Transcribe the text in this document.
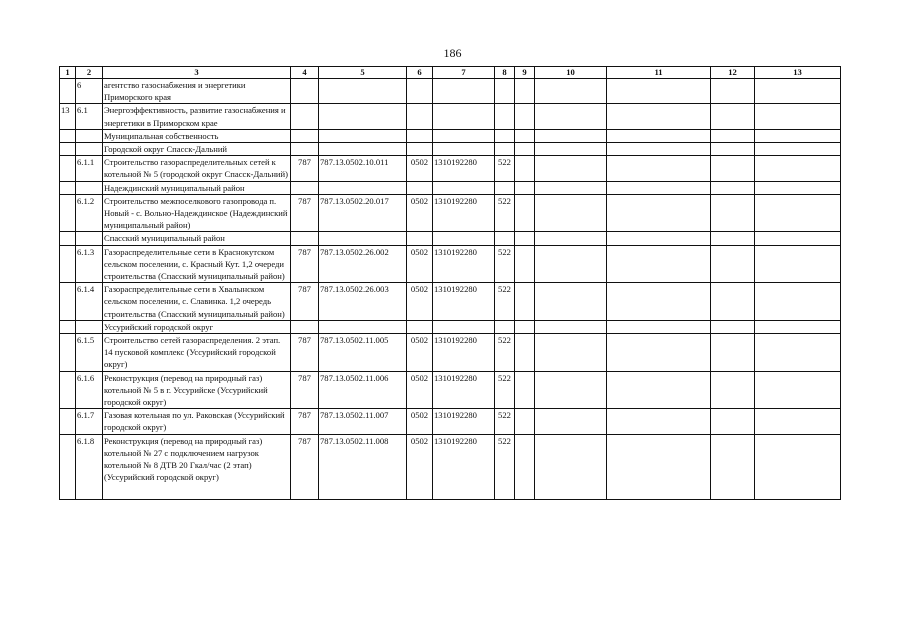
186
1	2	3	4	5	6	7	8	9	10	11	12	13
	6	агентство газоснабжения и энергетики Приморского края										
13	6.1	Энергоэффективность, развитие газоснабжения и энергетики в Приморском крае										
		Муниципальная собственность										
		Городской округ Спасск-Дальний										
	6.1.1	Строительство газораспределительных сетей к котельной № 5 (городской округ Спасск-Дальний)	787	787.13.0502.10.011	0502	1310192280	522					
		Надеждинский муниципальный район										
	6.1.2	Строительство межпоселкового газопровода п. Новый - с. Вольно-Надеждинское (Надеждинский муниципальный район)	787	787.13.0502.20.017	0502	1310192280	522					
		Спасский муниципальный район										
	6.1.3	Газораспределительные сети в Краснокутском сельском поселении, с. Красный Кут. 1,2 очереди строительства (Спасский муниципальный район)	787	787.13.0502.26.002	0502	1310192280	522					
	6.1.4	Газораспределительные сети в Хвалынском сельском поселении, с. Славинка. 1,2 очередь строительства (Спасский муниципальный район)	787	787.13.0502.26.003	0502	1310192280	522					
		Уссурийский городской округ										
	6.1.5	Строительство сетей газораспределения. 2 этап. 14 пусковой комплекс (Уссурийский городской округ)	787	787.13.0502.11.005	0502	1310192280	522					
	6.1.6	Реконструкция (перевод на природный газ) котельной № 5 в г. Уссурийске (Уссурийский городской округ)	787	787.13.0502.11.006	0502	1310192280	522					
	6.1.7	Газовая котельная по ул. Раковская (Уссурийский городской округ)	787	787.13.0502.11.007	0502	1310192280	522					
	6.1.8	Реконструкция (перевод на природный газ) котельной № 27 с подключением нагрузок котельной № 8 ДТВ 20 Гкал/час (2 этап) (Уссурийский городской округ)	787	787.13.0502.11.008	0502	1310192280	522					
